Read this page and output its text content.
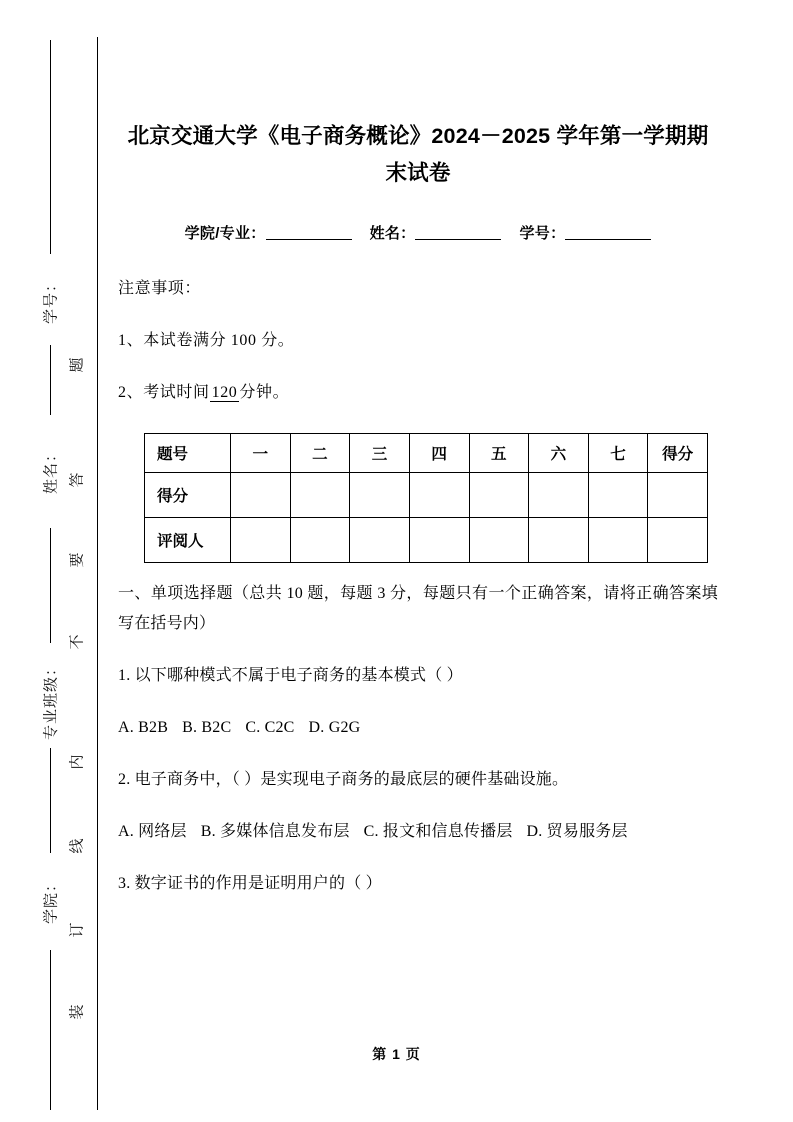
学号：
姓名：
专业班级：
学院：
题
答
要
不
内
线
订
装
北京交通大学《电子商务概论》2024－2025 学年第一学期期末试卷

学院/专业：	姓名：	学号：

注意事项：

1、本试卷满分 100 分。

2、考试时间 120 分钟。

题号	一	二	三	四	五	六	七	得分
得分								
评阅人								

一、单项选择题（总共 10 题，每题 3 分，每题只有一个正确答案，请将正确答案填写在括号内）

1. 以下哪种模式不属于电子商务的基本模式（ ）

A. B2B B. B2C C. C2C D. G2G

2. 电子商务中，（ ）是实现电子商务的最底层的硬件基础设施。

A. 网络层 B. 多媒体信息发布层 C. 报文和信息传播层 D. 贸易服务层

3. 数字证书的作用是证明用户的（ ）

第 1 页
